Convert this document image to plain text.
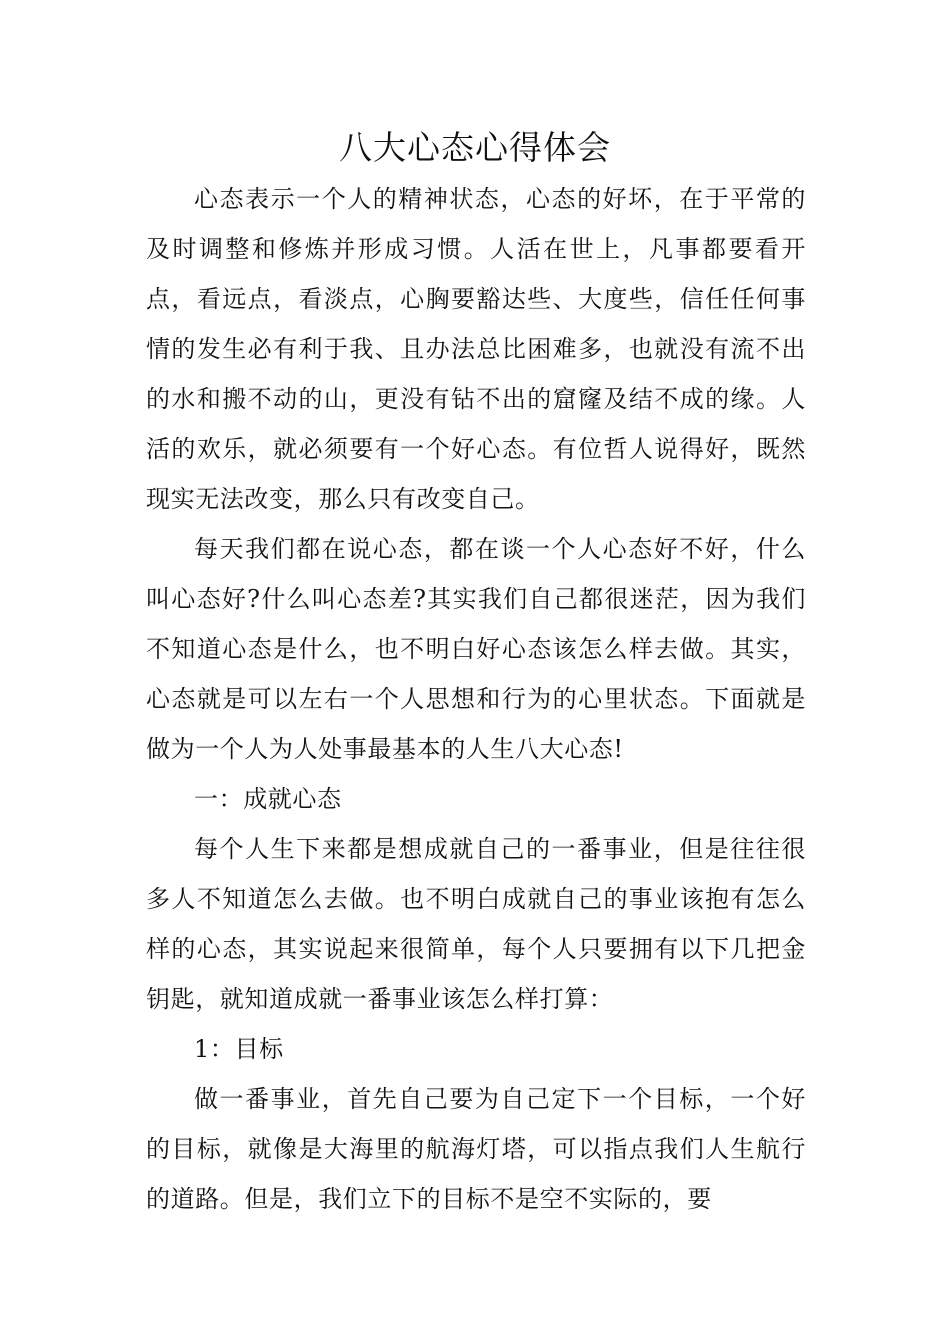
八大心态心得体会

心态表示一个人的精神状态，心态的好坏，在于平常的及时调整和修炼并形成习惯。人活在世上，凡事都要看开点，看远点，看淡点，心胸要豁达些、大度些，信任任何事情的发生必有利于我、且办法总比困难多，也就没有流不出的水和搬不动的山，更没有钻不出的窟窿及结不成的缘。人活的欢乐，就必须要有一个好心态。有位哲人说得好，既然现实无法改变，那么只有改变自己。

每天我们都在说心态，都在谈一个人心态好不好，什么叫心态好?什么叫心态差?其实我们自己都很迷茫，因为我们不知道心态是什么，也不明白好心态该怎么样去做。其实，心态就是可以左右一个人思想和行为的心里状态。下面就是做为一个人为人处事最基本的人生八大心态!

一：成就心态

每个人生下来都是想成就自己的一番事业，但是往往很多人不知道怎么去做。也不明白成就自己的事业该抱有怎么样的心态，其实说起来很简单，每个人只要拥有以下几把金钥匙，就知道成就一番事业该怎么样打算：

1：目标

做一番事业，首先自己要为自己定下一个目标，一个好的目标，就像是大海里的航海灯塔，可以指点我们人生航行的道路。但是，我们立下的目标不是空不实际的，要
